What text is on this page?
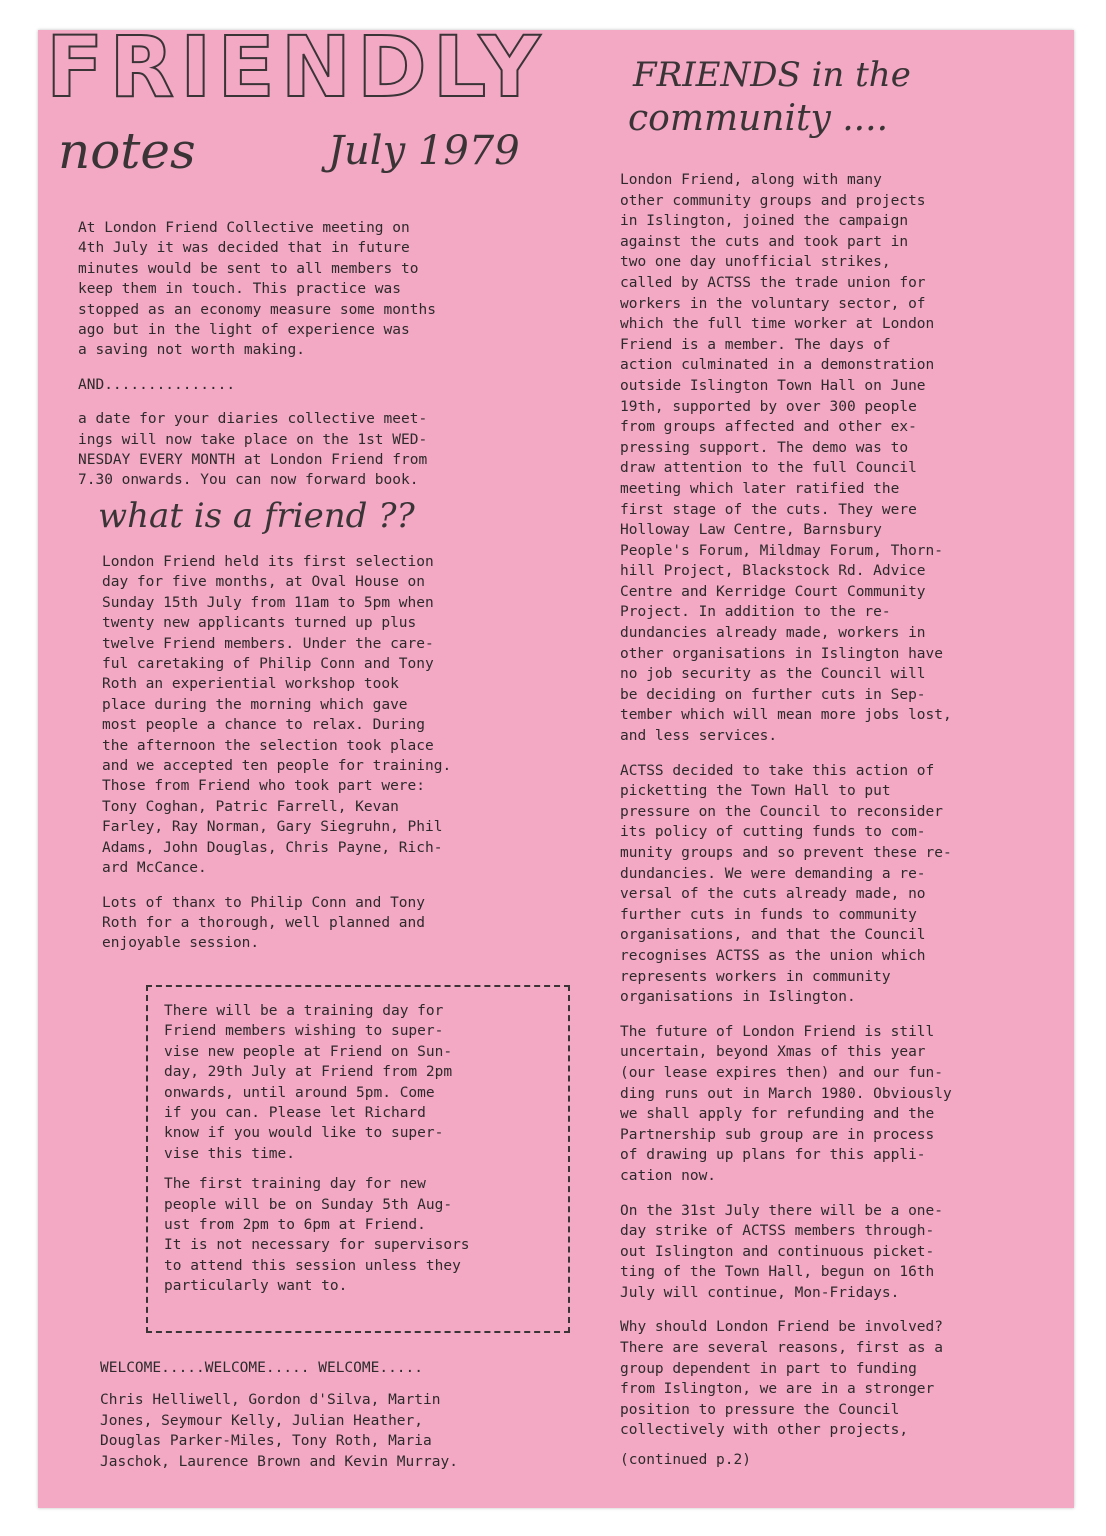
FRIENDLY
notes	July 1979
FRIENDS in the
community ....

At London Friend Collective meeting on
4th July it was decided that in future
minutes would be sent to all members to
keep them in touch. This practice was
stopped as an economy measure some months
ago but in the light of experience was
a saving not worth making.

AND...............

a date for your diaries collective meet-
ings will now take place on the 1st WED-
NESDAY EVERY MONTH at London Friend from
7.30 onwards. You can now forward book.

what is a friend ??

London Friend held its first selection
day for five months, at Oval House on
Sunday 15th July from 11am to 5pm when
twenty new applicants turned up plus
twelve Friend members. Under the care-
ful caretaking of Philip Conn and Tony
Roth an experiential workshop took
place during the morning which gave
most people a chance to relax. During
the afternoon the selection took place
and we accepted ten people for training.
Those from Friend who took part were:
Tony Coghan, Patric Farrell, Kevan
Farley, Ray Norman, Gary Siegruhn, Phil
Adams, John Douglas, Chris Payne, Rich-
ard McCance.

Lots of thanx to Philip Conn and Tony
Roth for a thorough, well planned and
enjoyable session.

There will be a training day for
Friend members wishing to super-
vise new people at Friend on Sun-
day, 29th July at Friend from 2pm
onwards, until around 5pm. Come
if you can. Please let Richard
know if you would like to super-
vise this time.

The first training day for new
people will be on Sunday 5th Aug-
ust from 2pm to 6pm at Friend.
It is not necessary for supervisors
to attend this session unless they
particularly want to.

WELCOME.....WELCOME..... WELCOME.....

Chris Helliwell, Gordon d'Silva, Martin
Jones, Seymour Kelly, Julian Heather,
Douglas Parker-Miles, Tony Roth, Maria
Jaschok, Laurence Brown and Kevin Murray.

London Friend, along with many
other community groups and projects
in Islington, joined the campaign
against the cuts and took part in
two one day unofficial strikes,
called by ACTSS the trade union for
workers in the voluntary sector, of
which the full time worker at London
Friend is a member. The days of
action culminated in a demonstration
outside Islington Town Hall on June
19th, supported by over 300 people
from groups affected and other ex-
pressing support. The demo was to
draw attention to the full Council
meeting which later ratified the
first stage of the cuts. They were
Holloway Law Centre, Barnsbury
People's Forum, Mildmay Forum, Thorn-
hill Project, Blackstock Rd. Advice
Centre and Kerridge Court Community
Project. In addition to the re-
dundancies already made, workers in
other organisations in Islington have
no job security as the Council will
be deciding on further cuts in Sep-
tember which will mean more jobs lost,
and less services.

ACTSS decided to take this action of
picketting the Town Hall to put
pressure on the Council to reconsider
its policy of cutting funds to com-
munity groups and so prevent these re-
dundancies. We were demanding a re-
versal of the cuts already made, no
further cuts in funds to community
organisations, and that the Council
recognises ACTSS as the union which
represents workers in community
organisations in Islington.

The future of London Friend is still
uncertain, beyond Xmas of this year
(our lease expires then) and our fun-
ding runs out in March 1980. Obviously
we shall apply for refunding and the
Partnership sub group are in process
of drawing up plans for this appli-
cation now.

On the 31st July there will be a one-
day strike of ACTSS members through-
out Islington and continuous picket-
ting of the Town Hall, begun on 16th
July will continue, Mon-Fridays.

Why should London Friend be involved?
There are several reasons, first as a
group dependent in part to funding
from Islington, we are in a stronger
position to pressure the Council
collectively with other projects,

(continued p.2)
